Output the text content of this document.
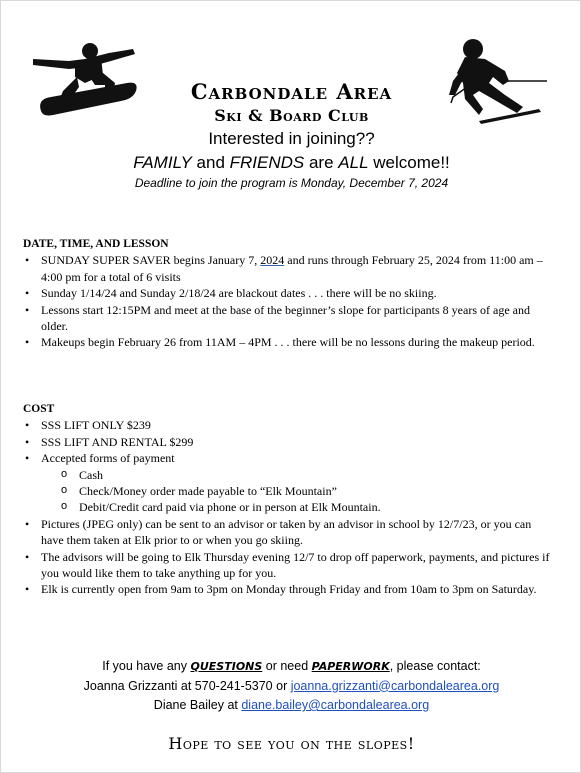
Carbondale Area
Ski & Board Club
Interested in joining??
FAMILY and FRIENDS are ALL welcome!!
Deadline to join the program is Monday, December 7, 2024
DATE, TIME, AND LESSON
• SUNDAY SUPER SAVER begins January 7, 2024 and runs through February 25, 2024 from 11:00 am – 4:00 pm for a total of 6 visits
• Sunday 1/14/24 and Sunday 2/18/24 are blackout dates . . . there will be no skiing.
• Lessons start 12:15PM and meet at the base of the beginner’s slope for participants 8 years of age and older.
• Makeups begin February 26 from 11AM – 4PM . . . there will be no lessons during the makeup period.
COST
• SSS LIFT ONLY $239
• SSS LIFT AND RENTAL $299
• Accepted forms of payment
o Cash
o Check/Money order made payable to “Elk Mountain”
o Debit/Credit card paid via phone or in person at Elk Mountain.
• Pictures (JPEG only) can be sent to an advisor or taken by an advisor in school by 12/7/23, or you can have them taken at Elk prior to or when you go skiing.
• The advisors will be going to Elk Thursday evening 12/7 to drop off paperwork, payments, and pictures if you would like them to take anything up for you.
• Elk is currently open from 9am to 3pm on Monday through Friday and from 10am to 3pm on Saturday.
If you have any QUESTIONS or need PAPERWORK, please contact:
Joanna Grizzanti at 570-241-5370 or joanna.grizzanti@carbondalearea.org
Diane Bailey at diane.bailey@carbondalearea.org
Hope to see you on the slopes!
